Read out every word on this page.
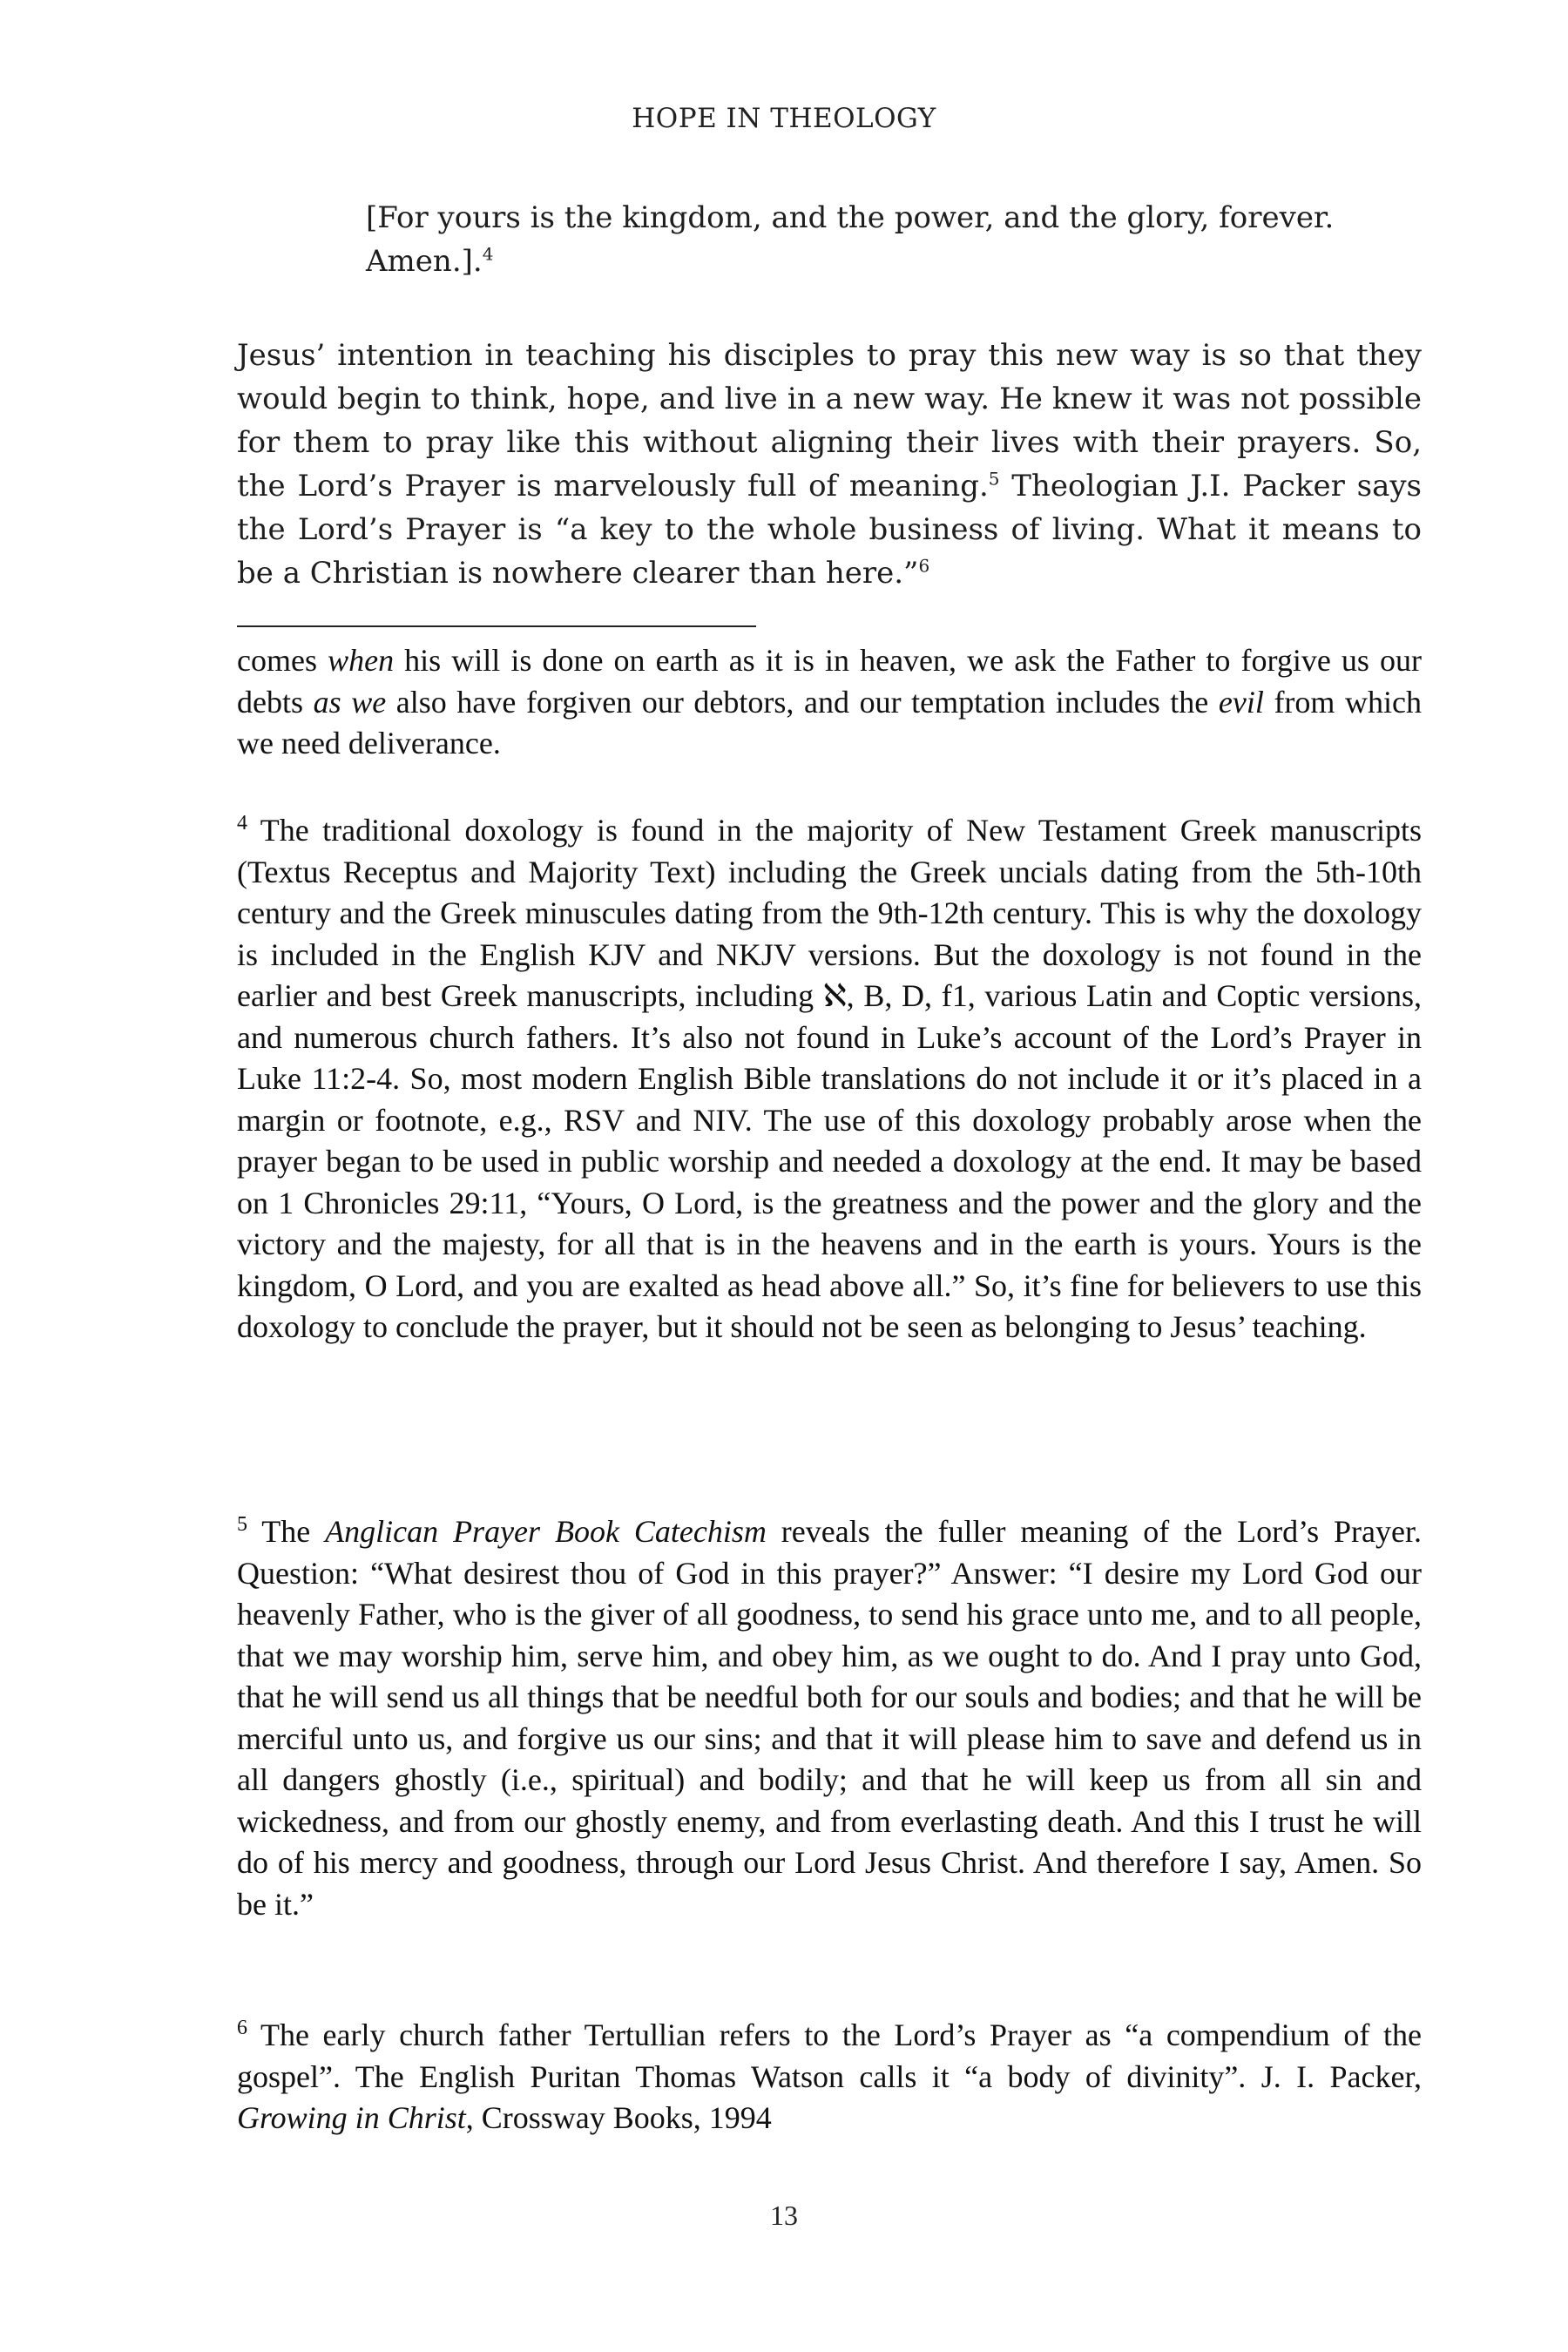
HOPE IN THEOLOGY
[For yours is the kingdom, and the power, and the glory, forever. Amen.].$^4$
Jesus’ intention in teaching his disciples to pray this new way is so that they would begin to think, hope, and live in a new way. He knew it was not possible for them to pray like this without aligning their lives with their prayers. So, the Lord’s Prayer is marvelously full of meaning.$^5$ Theologian J.I. Packer says the Lord’s Prayer is “a key to the whole business of living. What it means to be a Christian is nowhere clearer than here.”$^6$
comes when his will is done on earth as it is in heaven, we ask the Father to forgive us our debts as we also have forgiven our debtors, and our temptation includes the evil from which we need deliverance.
$^4$ The traditional doxology is found in the majority of New Testament Greek manuscripts (Textus Receptus and Majority Text) including the Greek uncials dating from the 5th-10th century and the Greek minuscules dating from the 9th-12th century. This is why the doxology is included in the English KJV and NKJV versions. But the doxology is not found in the earlier and best Greek manuscripts, including ℵ, B, D, f1, various Latin and Coptic versions, and numerous church fathers. It’s also not found in Luke’s account of the Lord’s Prayer in Luke 11:2-4. So, most modern English Bible translations do not include it or it’s placed in a margin or footnote, e.g., RSV and NIV. The use of this doxology probably arose when the prayer began to be used in public worship and needed a doxology at the end. It may be based on 1 Chronicles 29:11, “Yours, O Lord, is the greatness and the power and the glory and the victory and the majesty, for all that is in the heavens and in the earth is yours. Yours is the kingdom, O Lord, and you are exalted as head above all.” So, it’s fine for believers to use this doxology to conclude the prayer, but it should not be seen as belonging to Jesus’ teaching.
$^5$ The Anglican Prayer Book Catechism reveals the fuller meaning of the Lord’s Prayer. Question: “What desirest thou of God in this prayer?” Answer: “I desire my Lord God our heavenly Father, who is the giver of all goodness, to send his grace unto me, and to all people, that we may worship him, serve him, and obey him, as we ought to do. And I pray unto God, that he will send us all things that be needful both for our souls and bodies; and that he will be merciful unto us, and forgive us our sins; and that it will please him to save and defend us in all dangers ghostly (i.e., spiritual) and bodily; and that he will keep us from all sin and wickedness, and from our ghostly enemy, and from everlasting death. And this I trust he will do of his mercy and goodness, through our Lord Jesus Christ. And therefore I say, Amen. So be it.”
$^6$ The early church father Tertullian refers to the Lord’s Prayer as “a compendium of the gospel”. The English Puritan Thomas Watson calls it “a body of divinity”. J. I. Packer, Growing in Christ, Crossway Books, 1994
13
